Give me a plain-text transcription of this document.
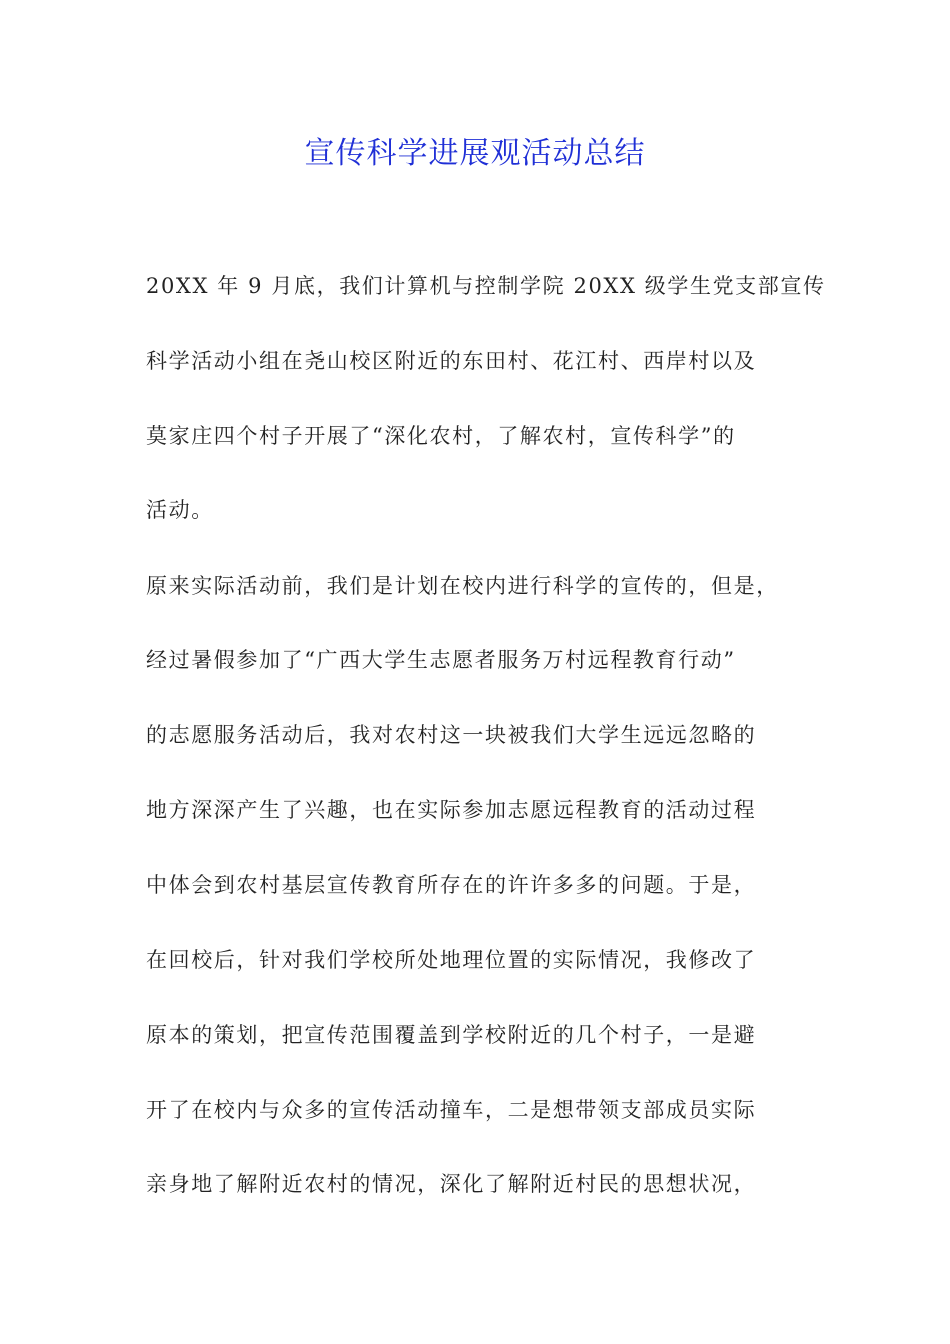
宣传科学进展观活动总结
20XX 年 9 月底，我们计算机与控制学院 20XX 级学生党支部宣传
科学活动小组在尧山校区附近的东田村、花江村、西岸村以及
莫家庄四个村子开展了“深化农村，了解农村，宣传科学”的
活动。
原来实际活动前，我们是计划在校内进行科学的宣传的，但是，
经过暑假参加了“广西大学生志愿者服务万村远程教育行动”
的志愿服务活动后，我对农村这一块被我们大学生远远忽略的
地方深深产生了兴趣，也在实际参加志愿远程教育的活动过程
中体会到农村基层宣传教育所存在的许许多多的问题。于是，
在回校后，针对我们学校所处地理位置的实际情况，我修改了
原本的策划，把宣传范围覆盖到学校附近的几个村子，一是避
开了在校内与众多的宣传活动撞车，二是想带领支部成员实际
亲身地了解附近农村的情况，深化了解附近村民的思想状况，
